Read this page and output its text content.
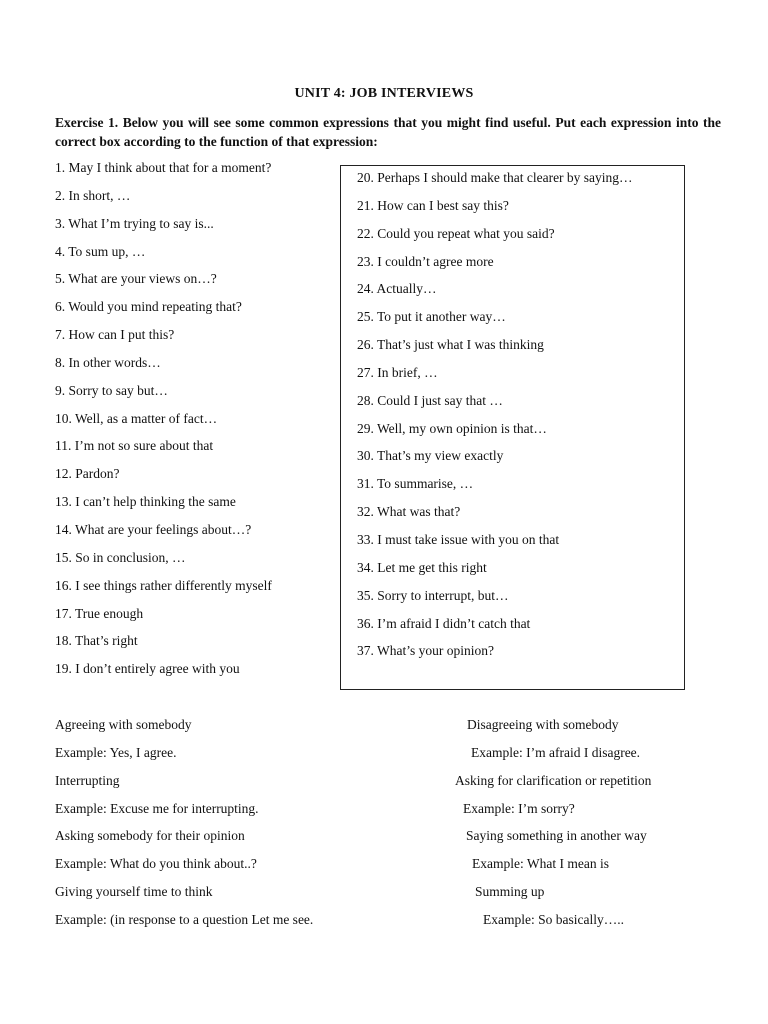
UNIT 4: JOB INTERVIEWS
Exercise 1. Below you will see some common expressions that you might find useful. Put each expression into the correct box according to the function of that expression:
1. May I think about that for a moment?
2. In short, …
3. What I’m trying to say is...
4. To sum up, …
5. What are your views on…?
6. Would you mind repeating that?
7. How can I put this?
8. In other words…
9. Sorry to say but…
10. Well, as a matter of fact…
11. I’m not so sure about that
12. Pardon?
13. I can’t help thinking the same
14. What are your feelings about…?
15. So in conclusion, …
16. I see things rather differently myself
17. True enough
18. That’s right
19. I don’t entirely agree with you
20. Perhaps I should make that clearer by saying…
21. How can I best say this?
22. Could you repeat what you said?
23. I couldn’t agree more
24. Actually…
25. To put it another way…
26. That’s just what I was thinking
27. In brief, …
28. Could I just say that …
29. Well, my own opinion is that…
30. That’s my view exactly
31. To summarise, …
32. What was that?
33. I must take issue with you on that
34. Let me get this right
35. Sorry to interrupt, but…
36. I’m afraid I didn’t catch that
37. What’s your opinion?
Agreeing with somebody	Disagreeing with somebody
Example: Yes, I agree.	Example: I’m afraid I disagree.
Interrupting	Asking for clarification or repetition
Example: Excuse me for interrupting.	Example: I’m sorry?
Asking somebody for their opinion	Saying something in another way
Example: What do you think about..?	Example: What I mean is
Giving yourself time to think	Summing up
Example: (in response to a question Let me see.	Example: So basically…..
